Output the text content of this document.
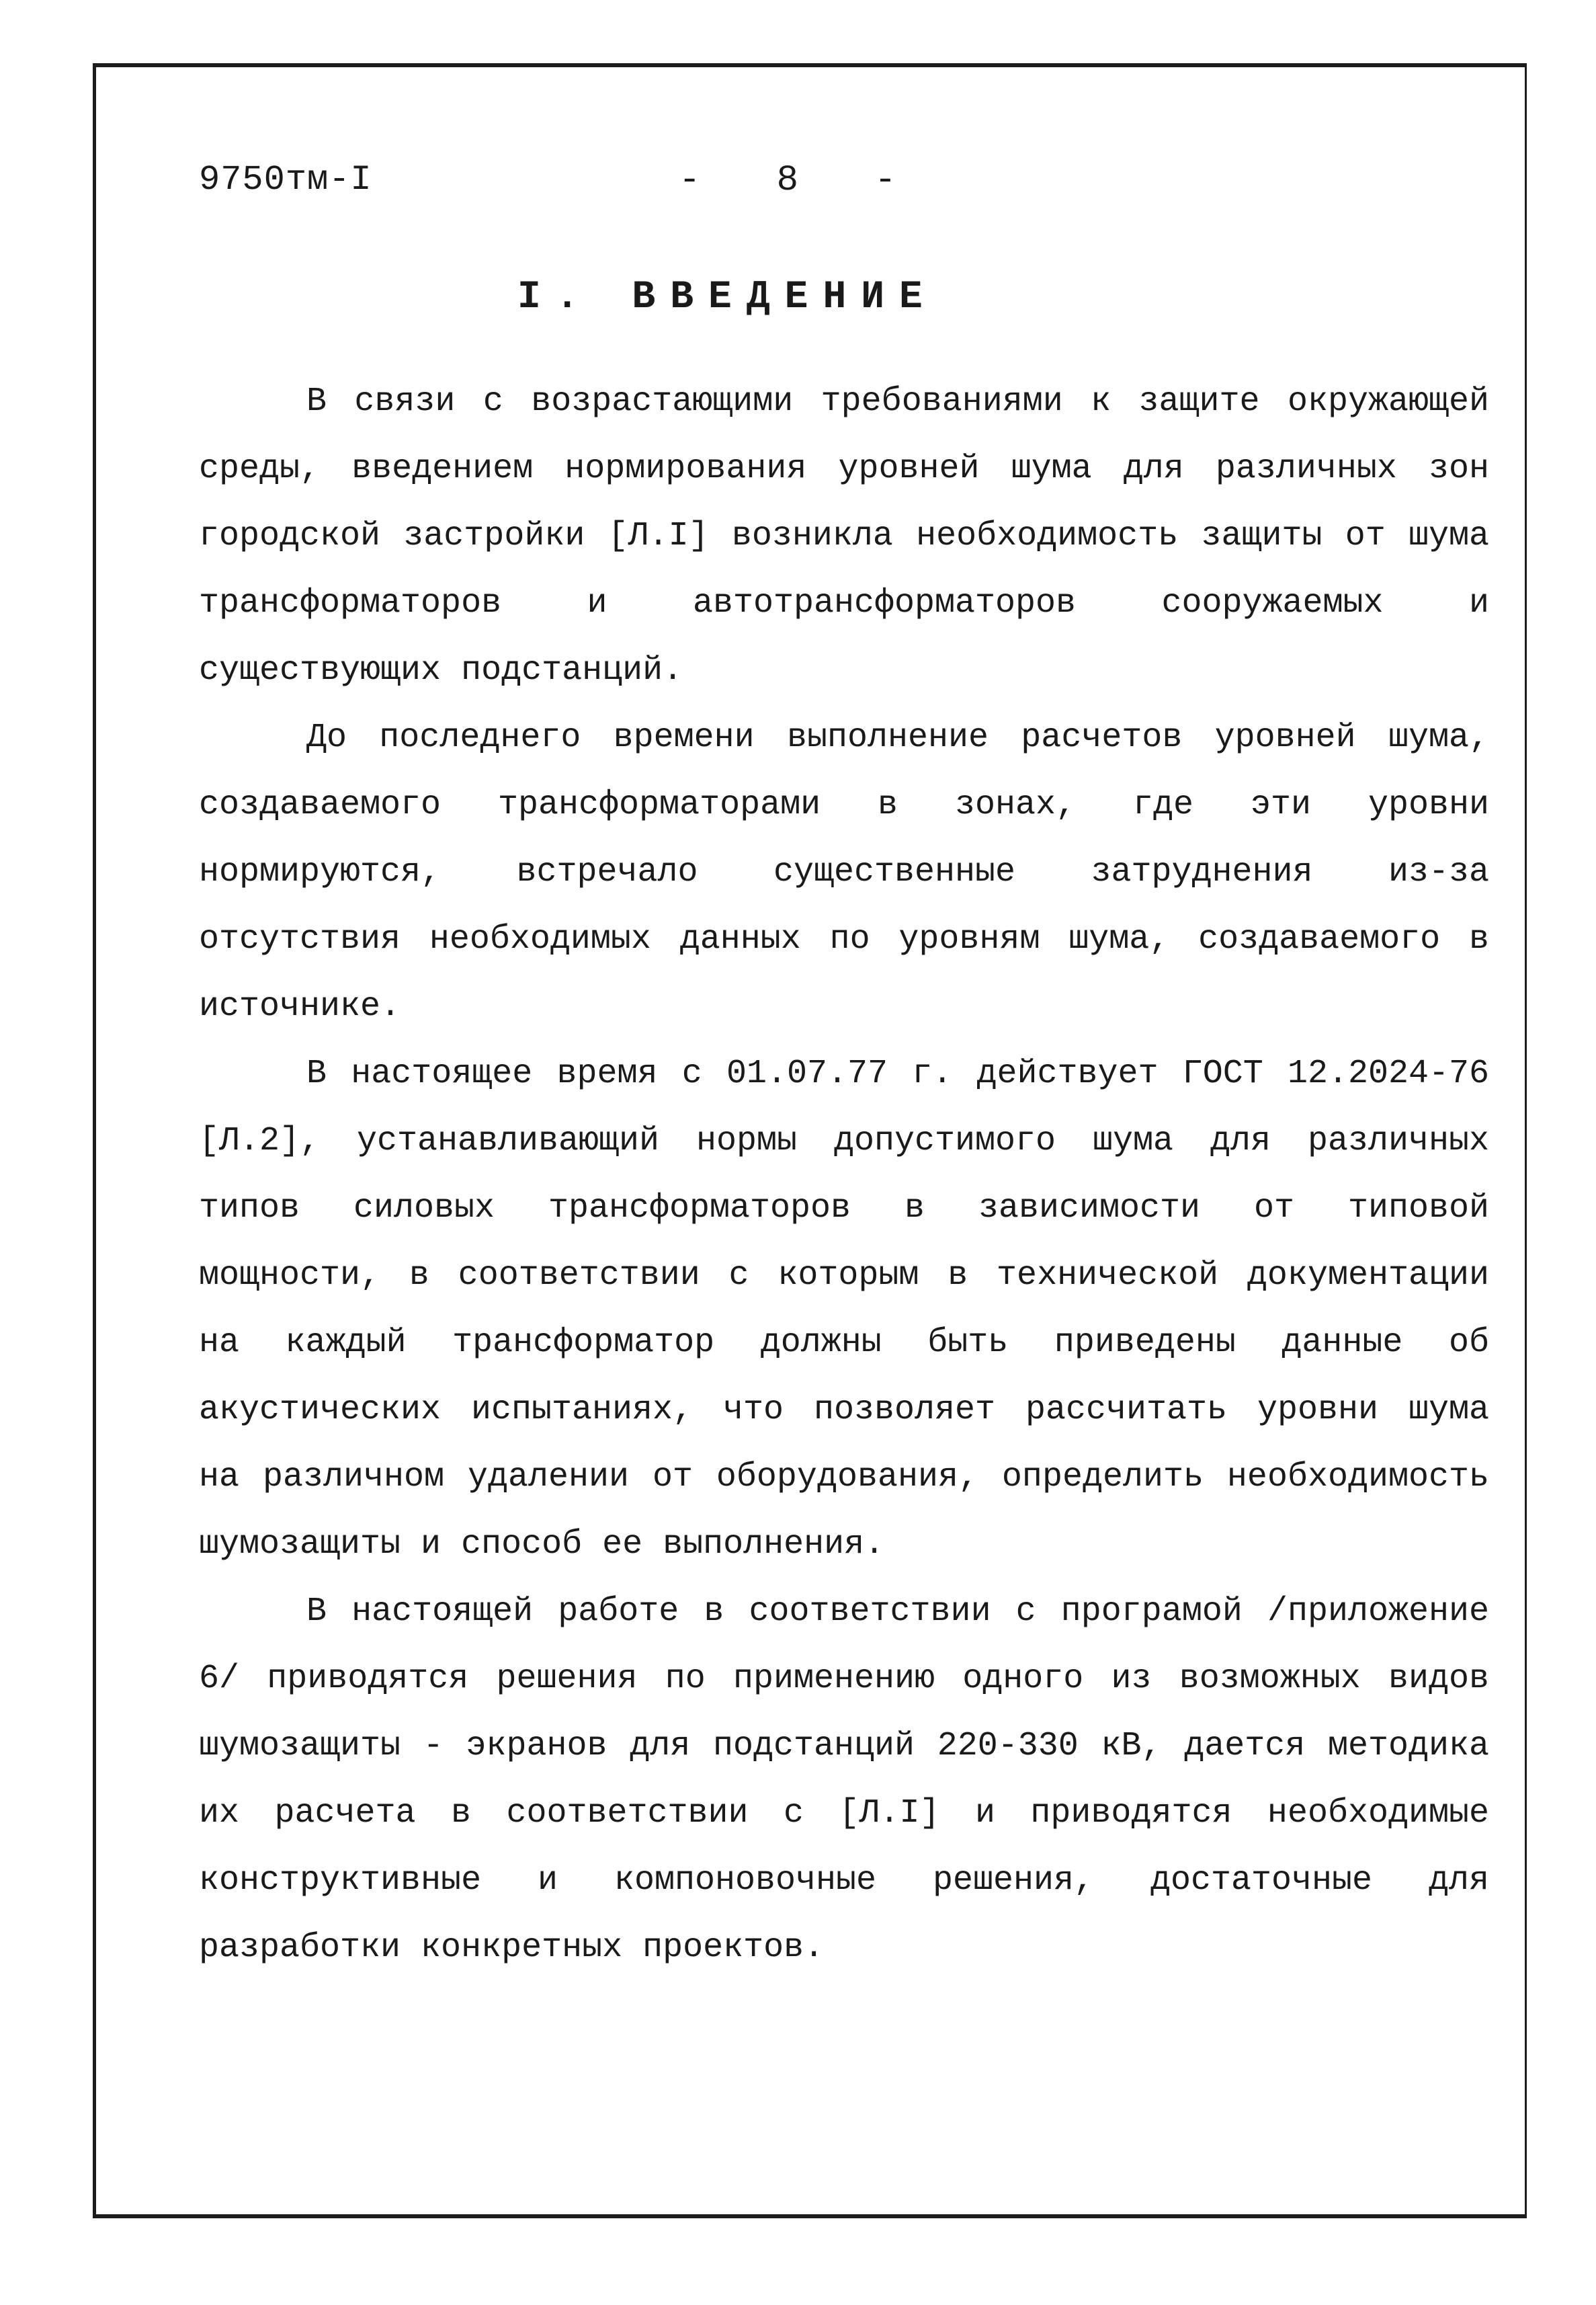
9750тм-I	-   8   -
I. ВВЕДЕНИЕ

В связи с возрастающими требованиями к защите окружающей среды, введением нормирования уровней шума для различных зон городской застройки [Л.I] возникла необходимость защиты от шума трансформаторов и автотрансформаторов сооружаемых и существующих подстанций.

До последнего времени выполнение расчетов уровней шума, создаваемого трансформаторами в зонах, где эти уровни нормируются, встречало существенные затруднения из-за отсутствия необходимых данных по уровням шума, создаваемого в источнике.

В настоящее время с 01.07.77 г. действует ГОСТ 12.2024-76 [Л.2], устанавливающий нормы допустимого шума для различных типов силовых трансформаторов в зависимости от типовой мощности, в соответствии с которым в технической документации на каждый трансформатор должны быть приведены данные об акустических испытаниях, что позволяет рассчитать уровни шума на различном удалении от оборудования, определить необходимость шумозащиты и способ ее выполнения.

В настоящей работе в соответствии с програмой /приложение 6/ приводятся решения по применению одного из возможных видов шумозащиты - экранов для подстанций 220-330 кВ, дается методика их расчета в соответствии с [Л.I] и приводятся необходимые конструктивные и компоновочные решения, достаточные для разработки конкретных проектов.
